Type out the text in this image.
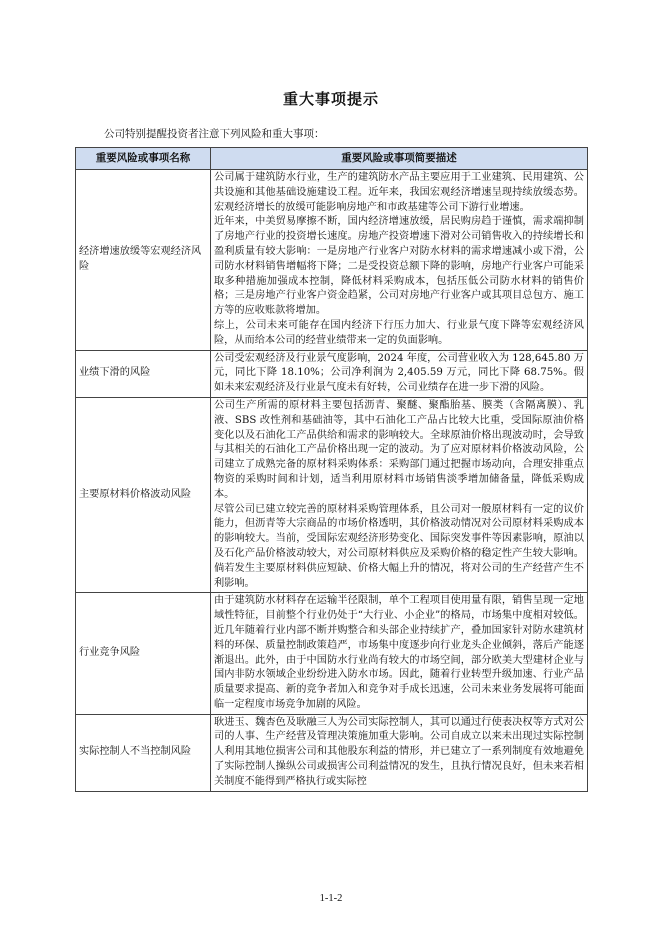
重大事项提示
公司特别提醒投资者注意下列风险和重大事项：
重要风险或事项名称	重要风险或事项简要描述
经济增速放缓等宏观经济风险	公司属于建筑防水行业，生产的建筑防水产品主要应用于工业建筑、民用建筑、公共设施和其他基础设施建设工程。近年来，我国宏观经济增速呈现持续放缓态势。宏观经济增长的放缓可能影响房地产和市政基建等公司下游行业增速。

近年来，中美贸易摩擦不断，国内经济增速放缓，居民购房趋于谨慎，需求端抑制了房地产行业的投资增长速度。房地产投资增速下滑对公司销售收入的持续增长和盈利质量有较大影响：一是房地产行业客户对防水材料的需求增速减小或下滑，公司防水材料销售增幅将下降；二是受投资总额下降的影响，房地产行业客户可能采取多种措施加强成本控制，降低材料采购成本，包括压低公司防水材料的销售价格；三是房地产行业客户资金趋紧，公司对房地产行业客户或其项目总包方、施工方等的应收账款将增加。

综上，公司未来可能存在国内经济下行压力加大、行业景气度下降等宏观经济风险，从而给本公司的经营业绩带来一定的负面影响。

业绩下滑的风险	公司受宏观经济及行业景气度影响，2024 年度，公司营业收入为 128,645.80 万元，同比下降 18.10%；公司净利润为 2,405.59 万元，同比下降 68.75%。假如未来宏观经济及行业景气度未有好转，公司业绩存在进一步下滑的风险。

主要原材料价格波动风险	公司生产所需的原材料主要包括沥青、聚醚、聚酯胎基、膜类（含隔离膜）、乳液、SBS 改性剂和基础油等，其中石油化工产品占比较大比重，受国际原油价格变化以及石油化工产品供给和需求的影响较大。全球原油价格出现波动时，会导致与其相关的石油化工产品价格出现一定的波动。为了应对原材料价格波动风险，公司建立了成熟完备的原材料采购体系：采购部门通过把握市场动向，合理安排重点物资的采购时间和计划，适当利用原材料市场销售淡季增加储备量，降低采购成本。

尽管公司已建立较完善的原材料采购管理体系，且公司对一般原材料有一定的议价能力，但沥青等大宗商品的市场价格透明，其价格波动情况对公司原材料采购成本的影响较大。当前，受国际宏观经济形势变化、国际突发事件等因素影响，原油以及石化产品价格波动较大，对公司原材料供应及采购价格的稳定性产生较大影响。倘若发生主要原材料供应短缺、价格大幅上升的情况，将对公司的生产经营产生不利影响。

行业竞争风险	由于建筑防水材料存在运输半径限制，单个工程项目使用量有限，销售呈现一定地域性特征，目前整个行业仍处于“大行业、小企业”的格局，市场集中度相对较低。近几年随着行业内部不断并购整合和头部企业持续扩产，叠加国家针对防水建筑材料的环保、质量控制政策趋严，市场集中度逐步向行业龙头企业倾斜，落后产能逐渐退出。此外，由于中国防水行业尚有较大的市场空间，部分欧美大型建材企业与国内非防水领域企业纷纷进入防水市场。因此，随着行业转型升级加速、行业产品质量要求提高、新的竞争者加入和竞争对手成长迅速，公司未来业务发展将可能面临一定程度市场竞争加剧的风险。

实际控制人不当控制风险	耿进玉、魏杏色及耿融三人为公司实际控制人，其可以通过行使表决权等方式对公司的人事、生产经营及管理决策施加重大影响。公司自成立以来未出现过实际控制人利用其地位损害公司和其他股东利益的情形，并已建立了一系列制度有效地避免了实际控制人操纵公司或损害公司利益情况的发生，且执行情况良好，但未来若相关制度不能得到严格执行或实际控

1-1-2
